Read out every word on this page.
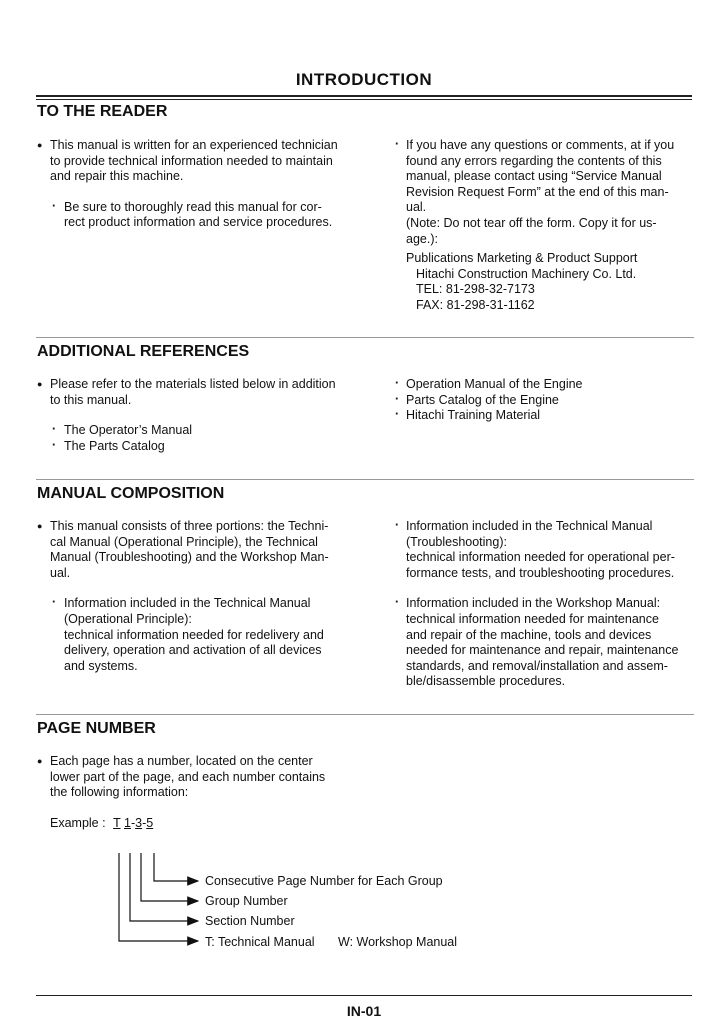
INTRODUCTION
TO THE READER
● This manual is written for an experienced technician
to provide technical information needed to maintain
and repair this machine.
· Be sure to thoroughly read this manual for cor-
rect product information and service procedures.
· If you have any questions or comments, at if you
found any errors regarding the contents of this
manual, please contact using “Service Manual
Revision Request Form” at the end of this man-
ual.
(Note: Do not tear off the form. Copy it for us-
age.):
Publications Marketing & Product Support
Hitachi Construction Machinery Co. Ltd.
TEL: 81-298-32-7173
FAX: 81-298-31-1162
ADDITIONAL REFERENCES
● Please refer to the materials listed below in addition
to this manual.
· The Operator’s Manual
· The Parts Catalog
· Operation Manual of the Engine
· Parts Catalog of the Engine
· Hitachi Training Material
MANUAL COMPOSITION
● This manual consists of three portions: the Techni-
cal Manual (Operational Principle), the Technical
Manual (Troubleshooting) and the Workshop Man-
ual.
· Information included in the Technical Manual
(Operational Principle):
technical information needed for redelivery and
delivery, operation and activation of all devices
and systems.
· Information included in the Technical Manual
(Troubleshooting):
technical information needed for operational per-
formance tests, and troubleshooting procedures.
· Information included in the Workshop Manual:
technical information needed for maintenance
and repair of the machine, tools and devices
needed for maintenance and repair, maintenance
standards, and removal/installation and assem-
ble/disassemble procedures.
PAGE NUMBER
● Each page has a number, located on the center
lower part of the page, and each number contains
the following information:
Example : T 1-3-5
Consecutive Page Number for Each Group
Group Number
Section Number
T: Technical Manual W: Workshop Manual
IN-01
